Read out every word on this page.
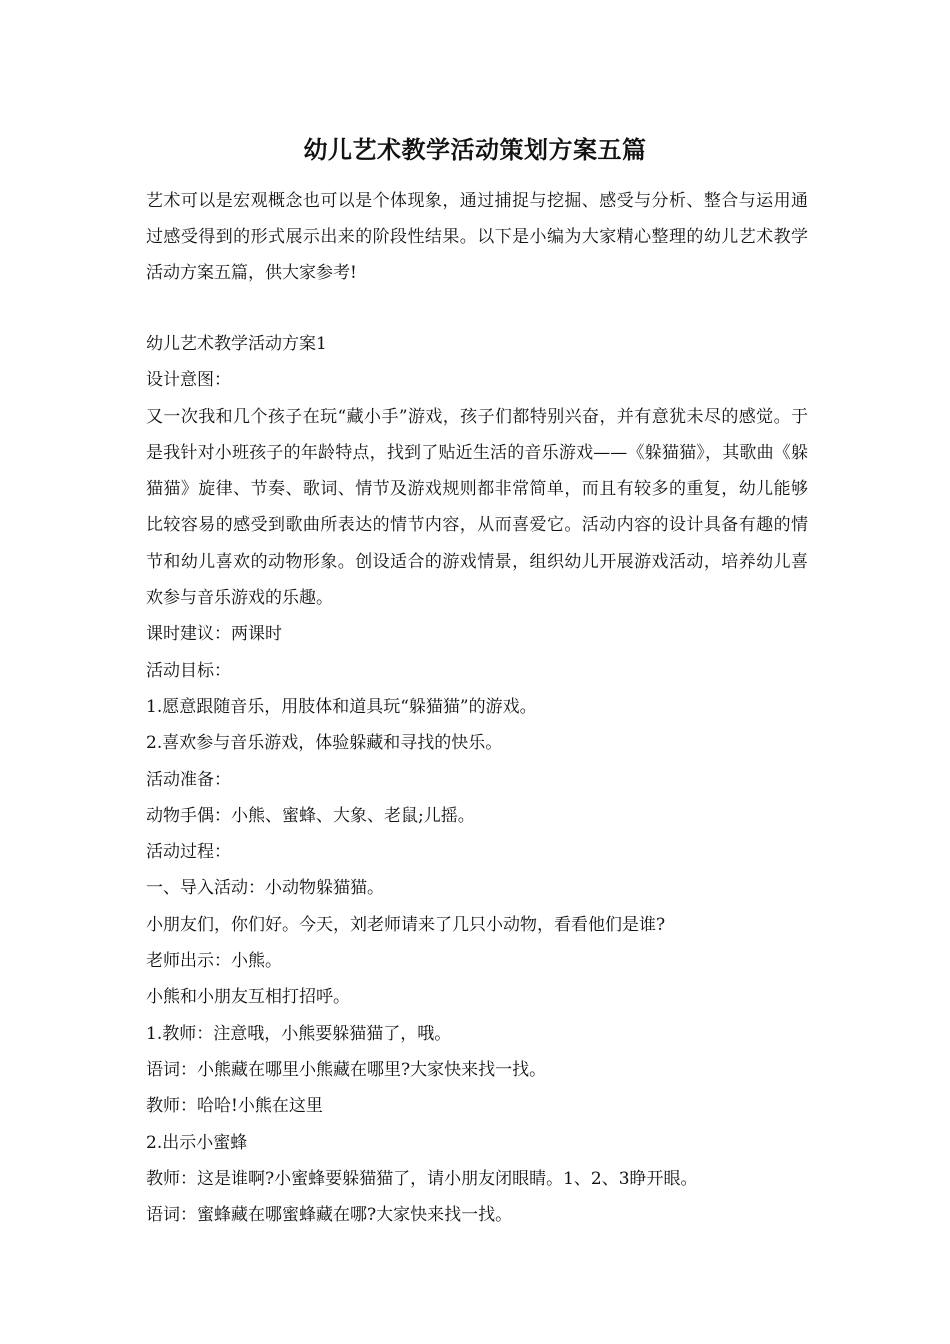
幼儿艺术教学活动策划方案五篇

艺术可以是宏观概念也可以是个体现象，通过捕捉与挖掘、感受与分析、整合与运用通过感受得到的形式展示出来的阶段性结果。以下是小编为大家精心整理的幼儿艺术教学活动方案五篇，供大家参考!

幼儿艺术教学活动方案1
设计意图：
又一次我和几个孩子在玩“藏小手”游戏，孩子们都特别兴奋，并有意犹未尽的感觉。于是我针对小班孩子的年龄特点，找到了贴近生活的音乐游戏——《躲猫猫》，其歌曲《躲猫猫》旋律、节奏、歌词、情节及游戏规则都非常简单，而且有较多的重复，幼儿能够比较容易的感受到歌曲所表达的情节内容，从而喜爱它。活动内容的设计具备有趣的情节和幼儿喜欢的动物形象。创设适合的游戏情景，组织幼儿开展游戏活动，培养幼儿喜欢参与音乐游戏的乐趣。
课时建议：两课时
活动目标：
1.愿意跟随音乐，用肢体和道具玩“躲猫猫”的游戏。
2.喜欢参与音乐游戏，体验躲藏和寻找的快乐。
活动准备：
动物手偶：小熊、蜜蜂、大象、老鼠;儿摇。
活动过程：
一、导入活动：小动物躲猫猫。
小朋友们，你们好。今天，刘老师请来了几只小动物，看看他们是谁?
老师出示：小熊。
小熊和小朋友互相打招呼。
1.教师：注意哦，小熊要躲猫猫了，哦。
语词：小熊藏在哪里小熊藏在哪里?大家快来找一找。
教师：哈哈!小熊在这里
2.出示小蜜蜂
教师：这是谁啊?小蜜蜂要躲猫猫了，请小朋友闭眼睛。1、2、3睁开眼。
语词：蜜蜂藏在哪蜜蜂藏在哪?大家快来找一找。
